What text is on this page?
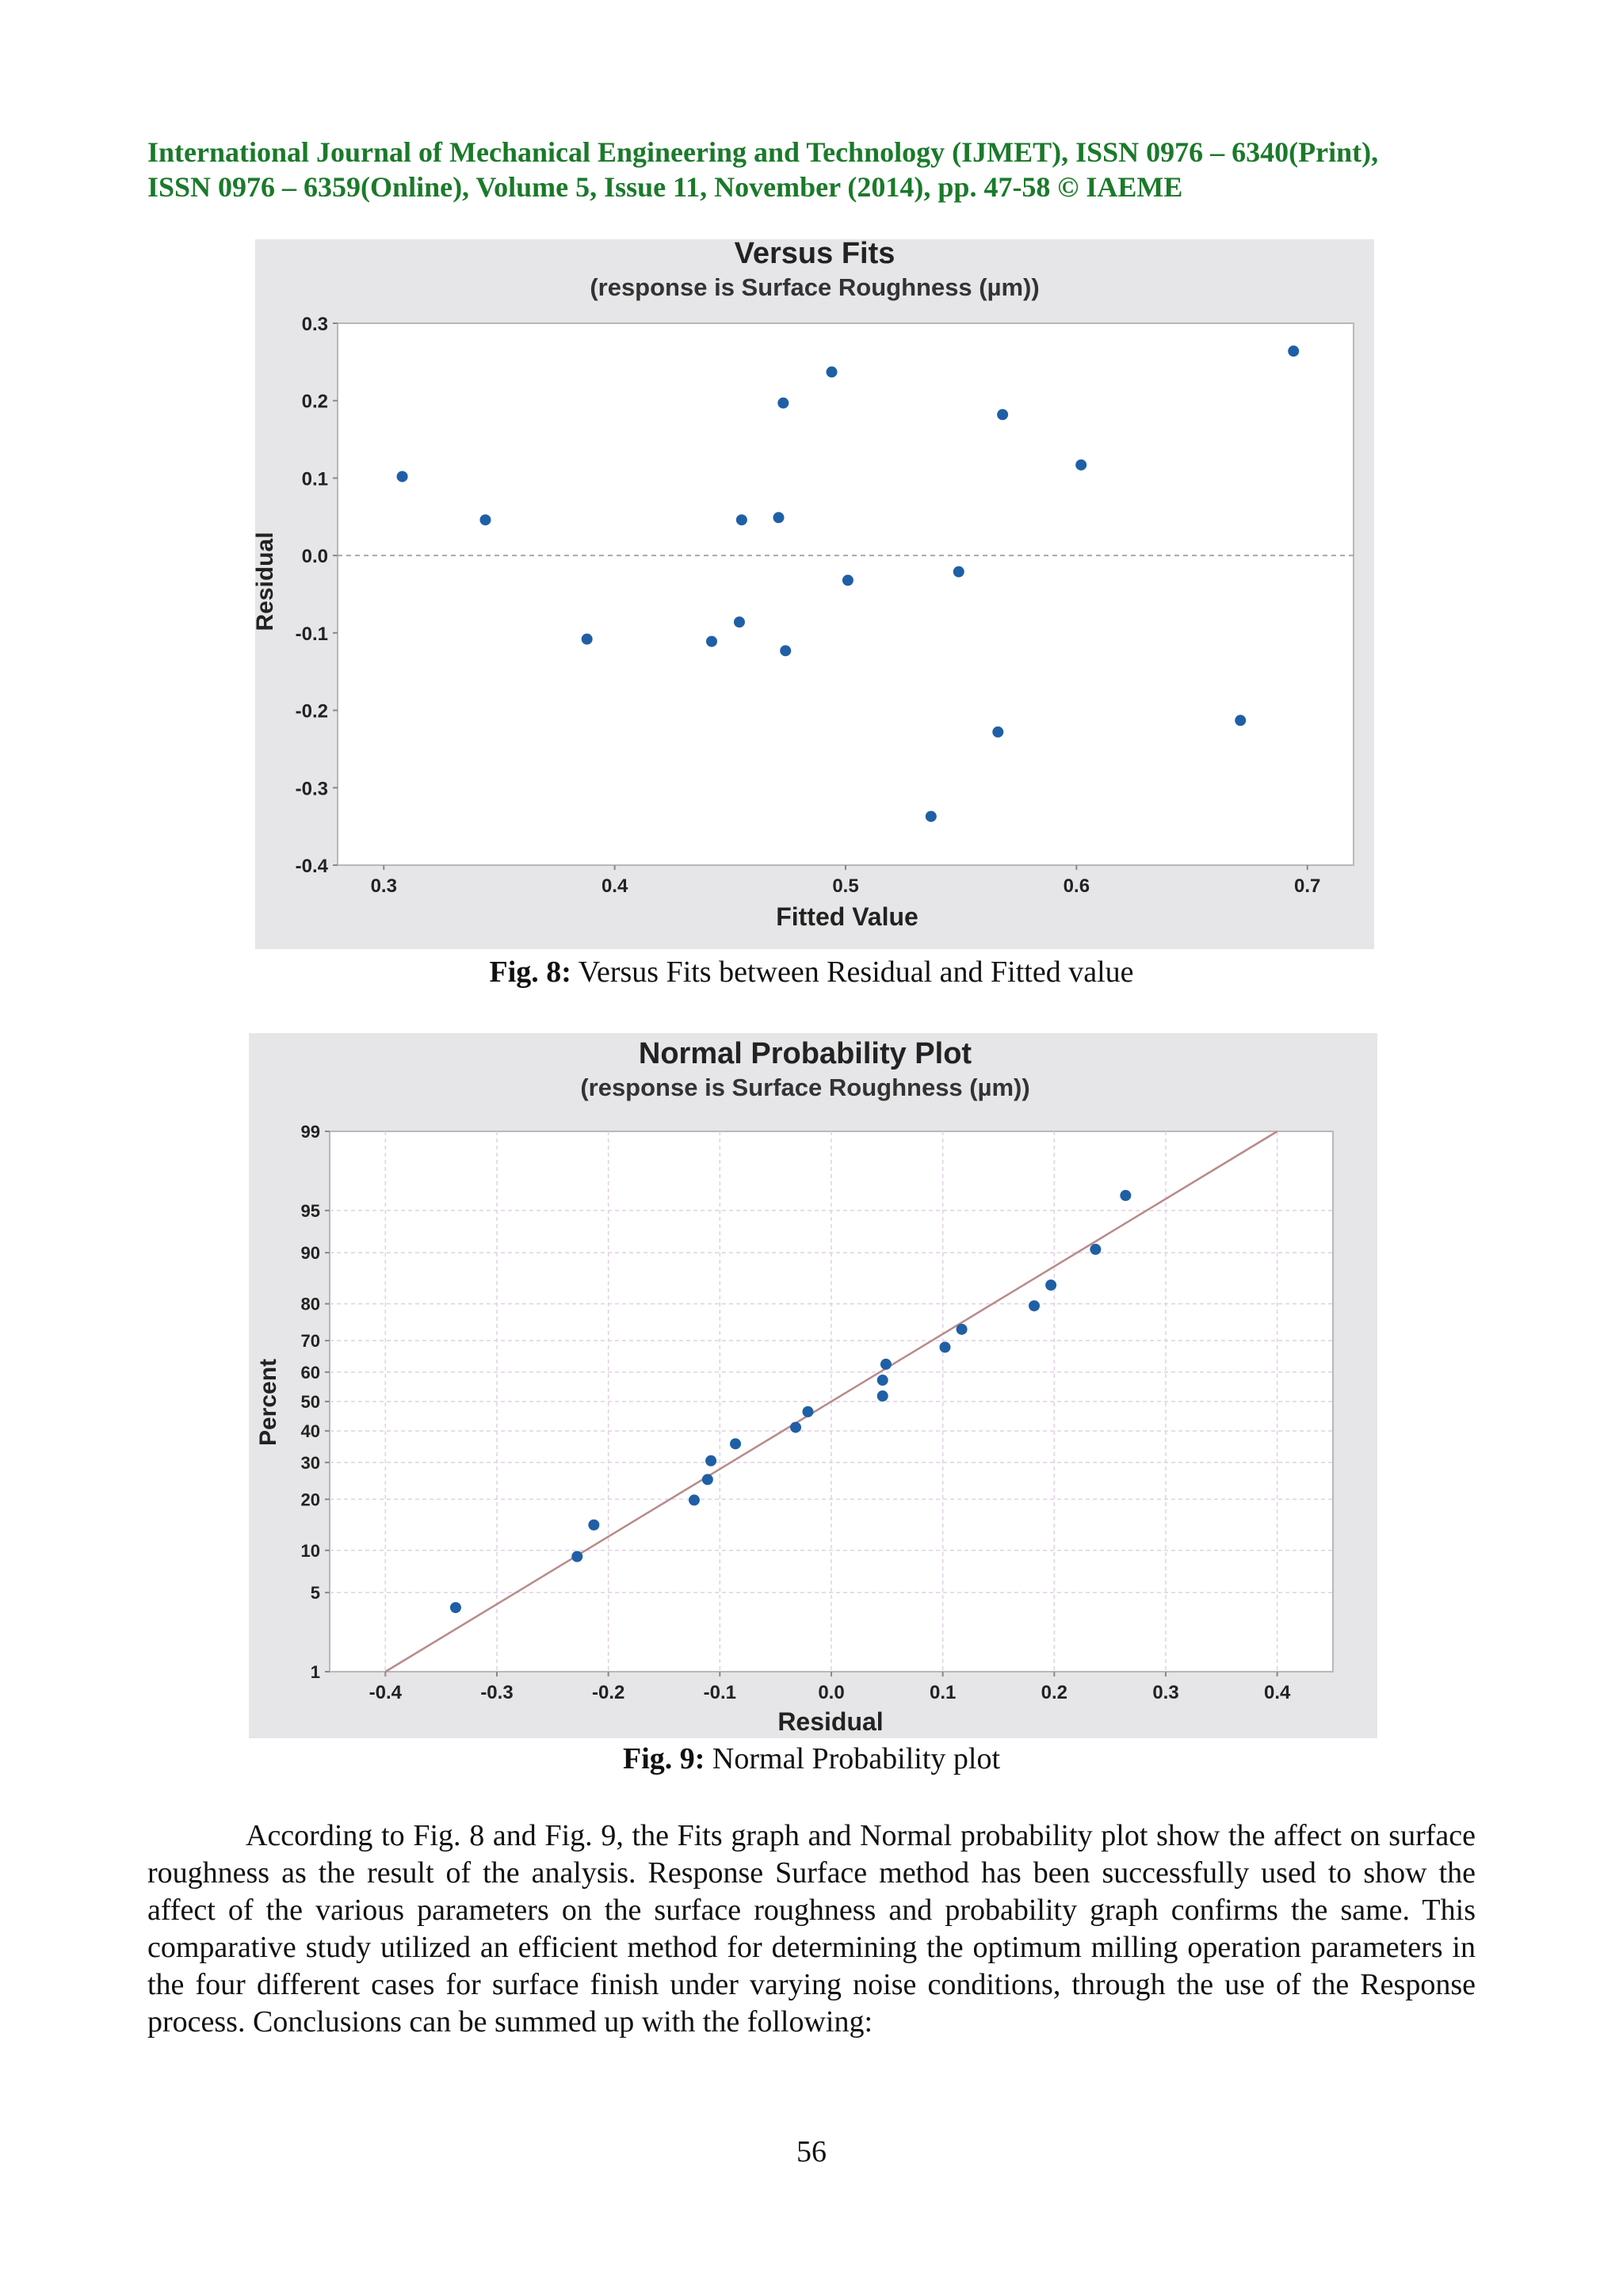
International Journal of Mechanical Engineering and Technology (IJMET), ISSN 0976 – 6340(Print),
ISSN 0976 – 6359(Online), Volume 5, Issue 11, November (2014), pp. 47-58 © IAEME
Versus Fits
(response is Surface Roughness (µm))
0.3
0.2
0.1
0.0
-0.1
-0.2
-0.3
-0.4
0.3	0.4	0.5	0.6	0.7
Fitted Value
Residual
Fig. 8: Versus Fits between Residual and Fitted value
Normal Probability Plot
(response is Surface Roughness (µm))
99
95
90
80
70
60
50
40
30
20
10
5
1
-0.4	-0.3	-0.2	-0.1	0.0	0.1	0.2	0.3	0.4
Residual
Percent
Fig. 9: Normal Probability plot

According to Fig. 8 and Fig. 9, the Fits graph and Normal probability plot show the affect on surface roughness as the result of the analysis. Response Surface method has been successfully used to show the affect of the various parameters on the surface roughness and probability graph confirms the same. This comparative study utilized an efficient method for determining the optimum milling operation parameters in the four different cases for surface finish under varying noise conditions, through the use of the Response process. Conclusions can be summed up with the following:

56
